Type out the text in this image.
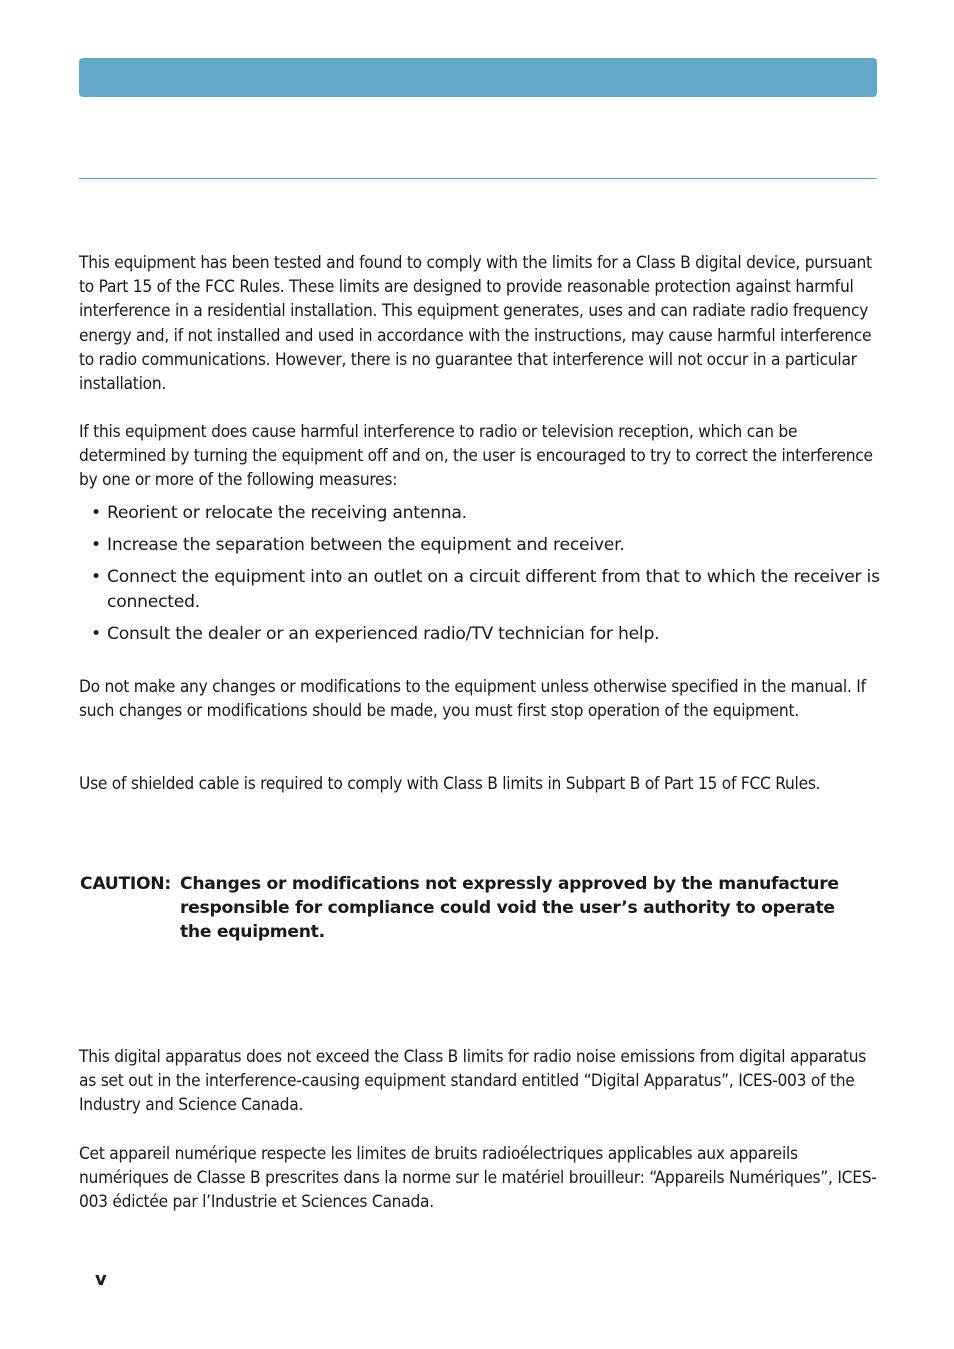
This equipment has been tested and found to comply with the limits for a Class B digital device, pursuant to Part 15 of the FCC Rules. These limits are designed to provide reasonable protection against harmful interference in a residential installation. This equipment generates, uses and can radiate radio frequency energy and, if not installed and used in accordance with the instructions, may cause harmful interference to radio communications. However, there is no guarantee that interference will not occur in a particular installation.

If this equipment does cause harmful interference to radio or television reception, which can be determined by turning the equipment off and on, the user is encouraged to try to correct the interference by one or more of the following measures:

• Reorient or relocate the receiving antenna.
• Increase the separation between the equipment and receiver.
• Connect the equipment into an outlet on a circuit different from that to which the receiver is connected.
• Consult the dealer or an experienced radio/TV technician for help.

Do not make any changes or modifications to the equipment unless otherwise specified in the manual. If such changes or modifications should be made, you must first stop operation of the equipment.

Use of shielded cable is required to comply with Class B limits in Subpart B of Part 15 of FCC Rules.

CAUTION: Changes or modifications not expressly approved by the manufacture responsible for compliance could void the user’s authority to operate the equipment.

This digital apparatus does not exceed the Class B limits for radio noise emissions from digital apparatus as set out in the interference-causing equipment standard entitled “Digital Apparatus”, ICES-003 of the Industry and Science Canada.

Cet appareil numérique respecte les limites de bruits radioélectriques applicables aux appareils numériques de Classe B prescrites dans la norme sur le matériel brouilleur: “Appareils Numériques”, ICES-003 édictée par l’Industrie et Sciences Canada.

v
